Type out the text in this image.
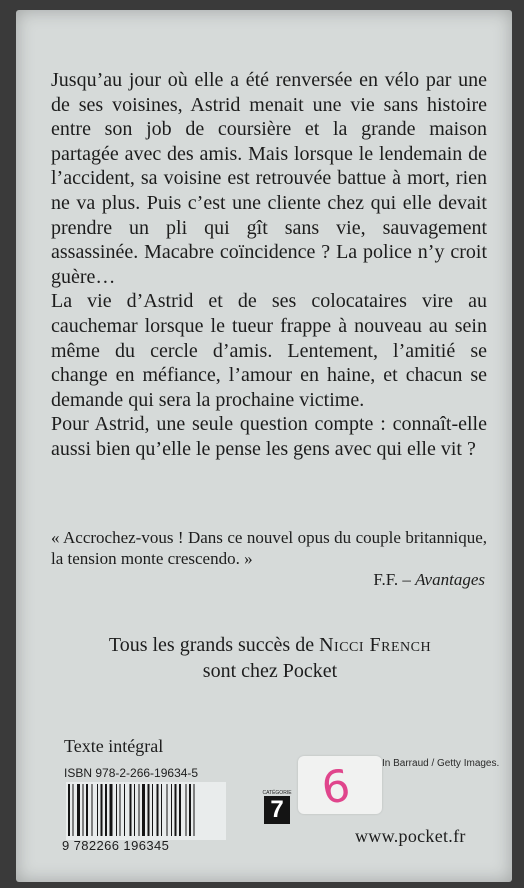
Jusqu’au jour où elle a été renversée en vélo par une de ses voisines, Astrid menait une vie sans histoire entre son job de coursière et la grande maison partagée avec des amis. Mais lorsque le lendemain de l’accident, sa voisine est retrouvée battue à mort, rien ne va plus. Puis c’est une cliente chez qui elle devait prendre un pli qui gît sans vie, sauvagement assassinée. Macabre coïncidence ? La police n’y croit guère…

La vie d’Astrid et de ses colocataires vire au cauchemar lorsque le tueur frappe à nouveau au sein même du cercle d’amis. Lentement, l’amitié se change en méfiance, l’amour en haine, et chacun se demande qui sera la prochaine victime.

Pour Astrid, une seule question compte : connaît-elle aussi bien qu’elle le pense les gens avec qui elle vit ?

« Accrochez-vous ! Dans ce nouvel opus du couple britannique, la tension monte crescendo. »

F.F. – Avantages

Tous les grands succès de Nicci French
sont chez Pocket
Texte intégral
ISBN 978-2-266-19634-5
9 782266 196345
CATÉGORIE
7 6	In Barraud / Getty Images.
www.pocket.fr
